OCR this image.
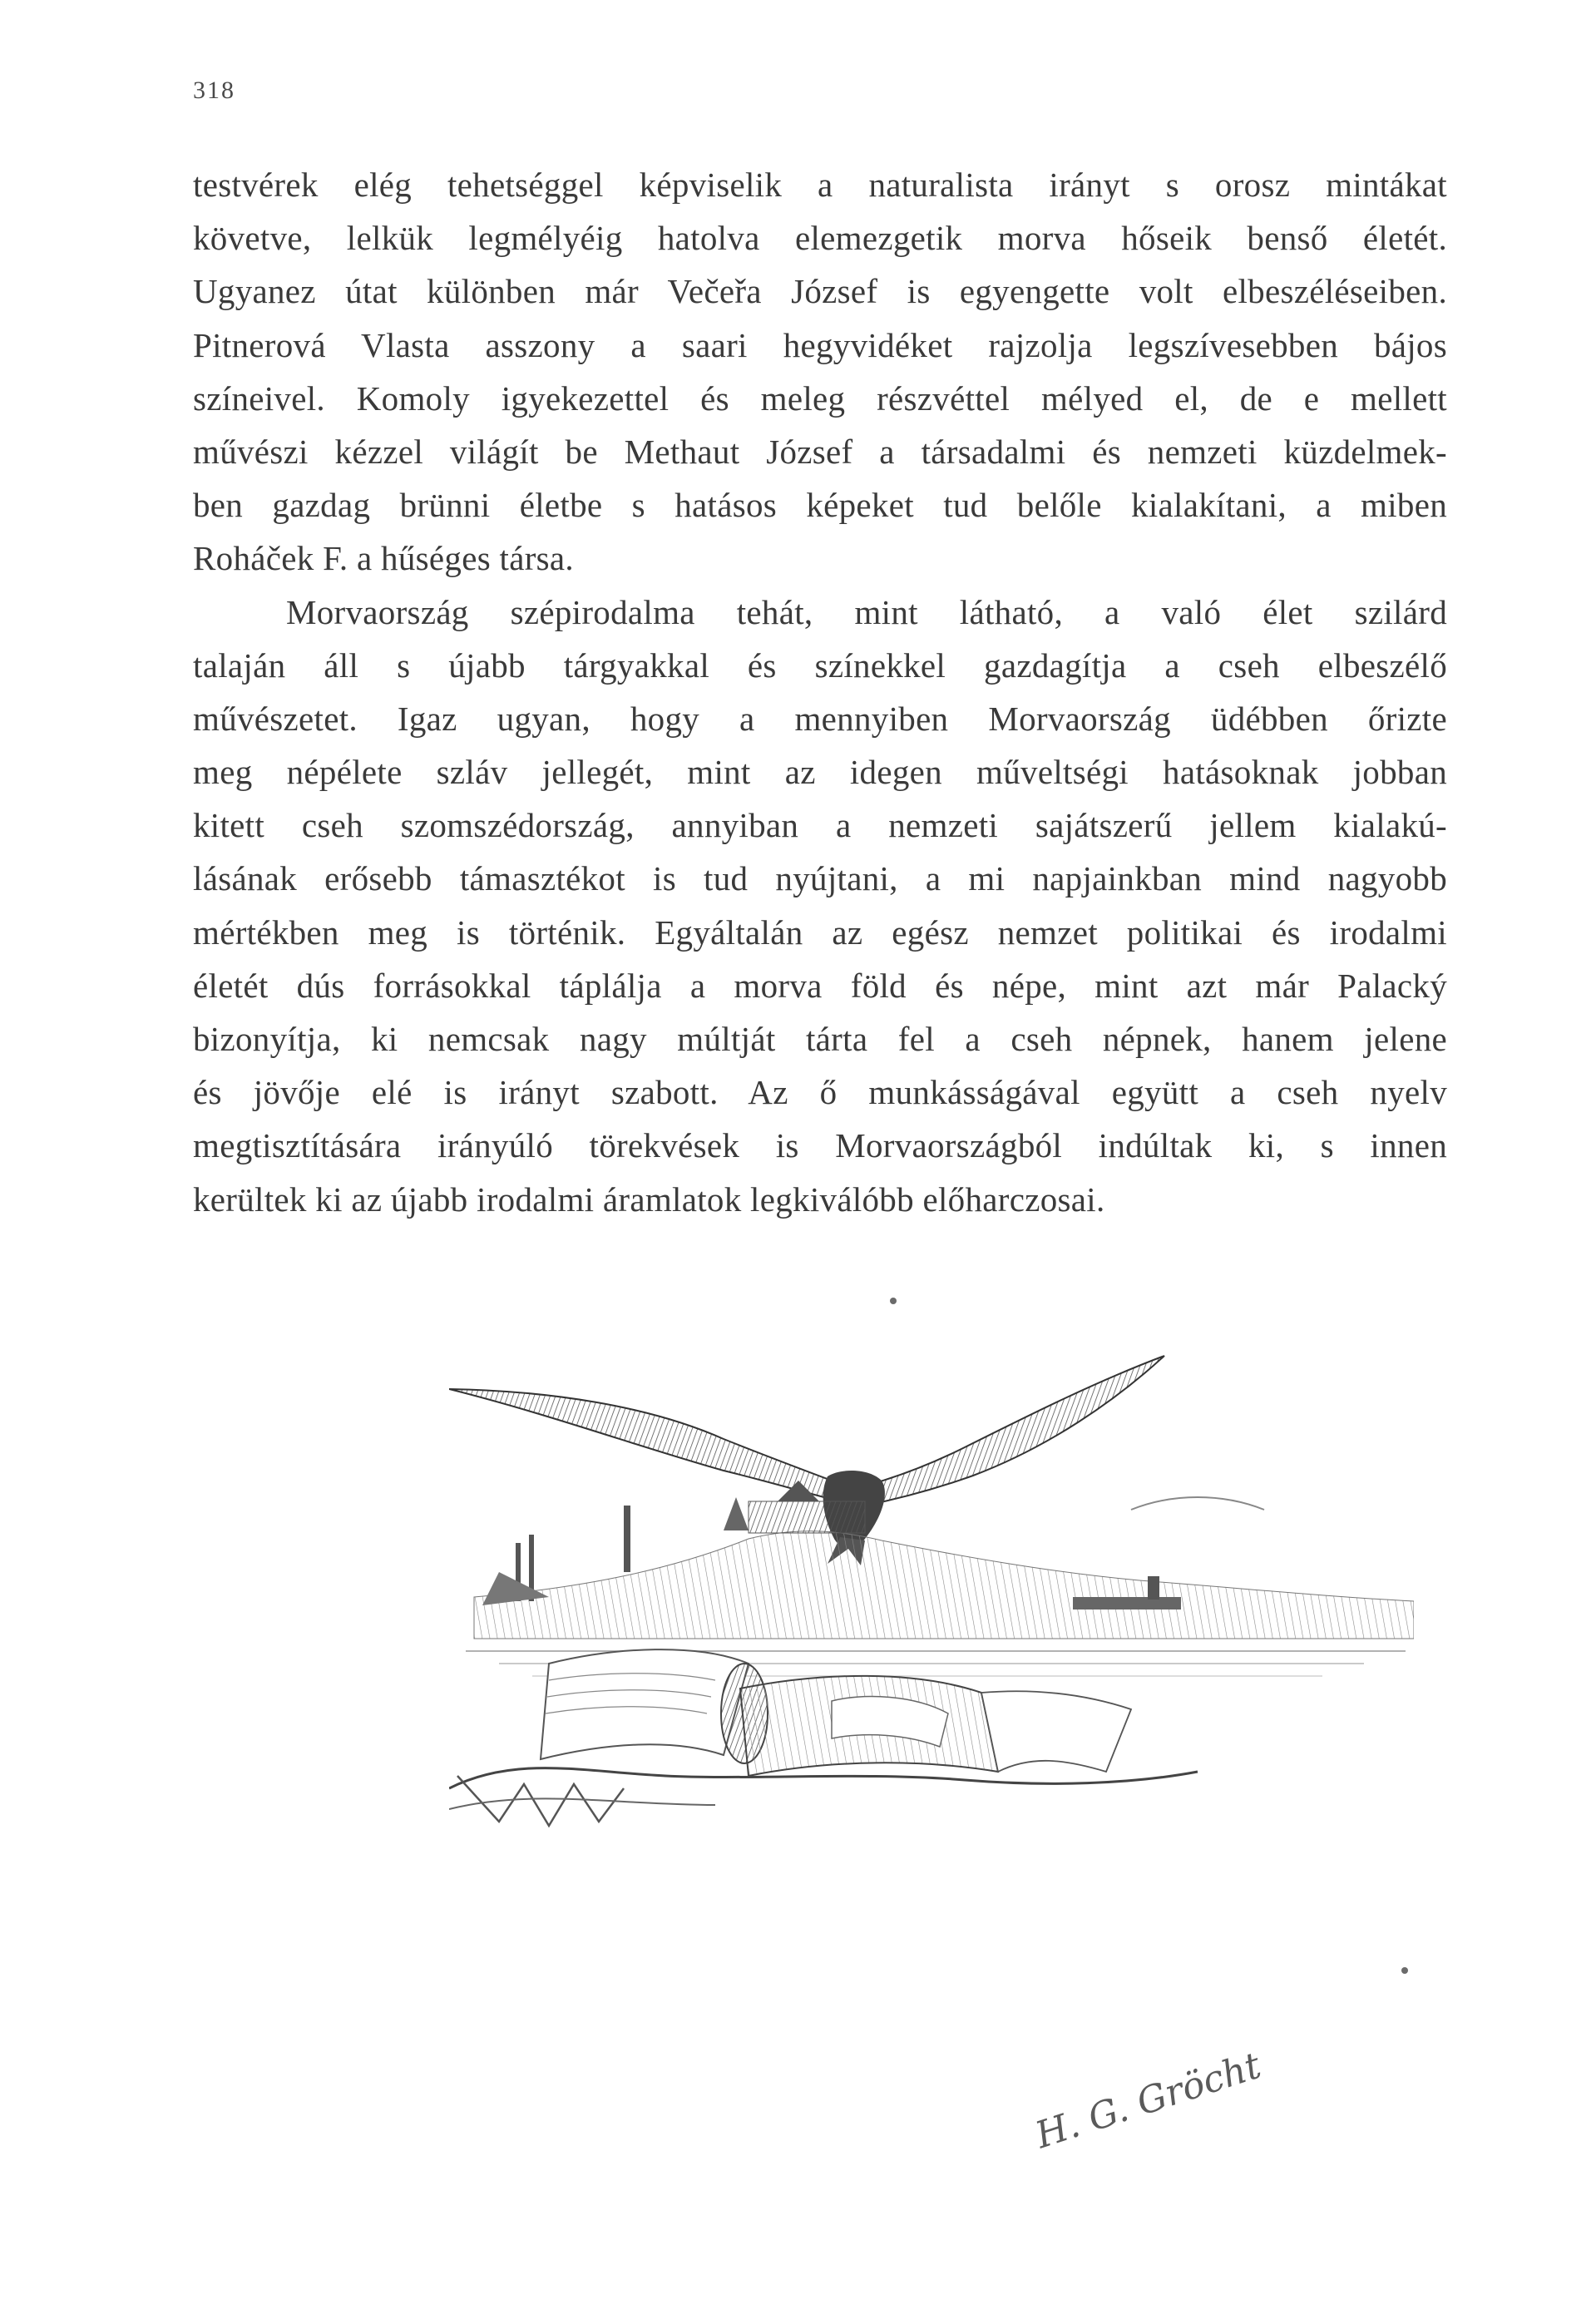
318
testvérek elég tehetséggel képviselik a naturalista irányt s orosz mintákat
követve, lelkük legmélyéig hatolva elemezgetik morva hőseik benső életét.
Ugyanez útat különben már Večeřa József is egyengette volt elbeszéléseiben.
Pitnerová Vlasta asszony a saari hegyvidéket rajzolja legszívesebben bájos
színeivel. Komoly igyekezettel és meleg részvéttel mélyed el, de e mellett
művészi kézzel világít be Methaut József a társadalmi és nemzeti küzdelmek-
ben gazdag brünni életbe s hatásos képeket tud belőle kialakítani, a miben
Roháček F. a hűséges társa.
Morvaország szépirodalma tehát, mint látható, a való élet szilárd
talaján áll s újabb tárgyakkal és színekkel gazdagítja a cseh elbeszélő
művészetet. Igaz ugyan, hogy a mennyiben Morvaország üdébben őrizte
meg népélete szláv jellegét, mint az idegen műveltségi hatásoknak jobban
kitett cseh szomszédország, annyiban a nemzeti sajátszerű jellem kialakú-
lásának erősebb támasztékot is tud nyújtani, a mi napjainkban mind nagyobb
mértékben meg is történik. Egyáltalán az egész nemzet politikai és irodalmi
életét dús forrásokkal táplálja a morva föld és népe, mint azt már Palacký
bizonyítja, ki nemcsak nagy múltját tárta fel a cseh népnek, hanem jelene
és jövője elé is irányt szabott. Az ő munkásságával együtt a cseh nyelv
megtisztítására irányúló törekvések is Morvaországból indúltak ki, s innen
kerültek ki az újabb irodalmi áramlatok legkiválóbb előharczosai.
H. G. Gröcht
